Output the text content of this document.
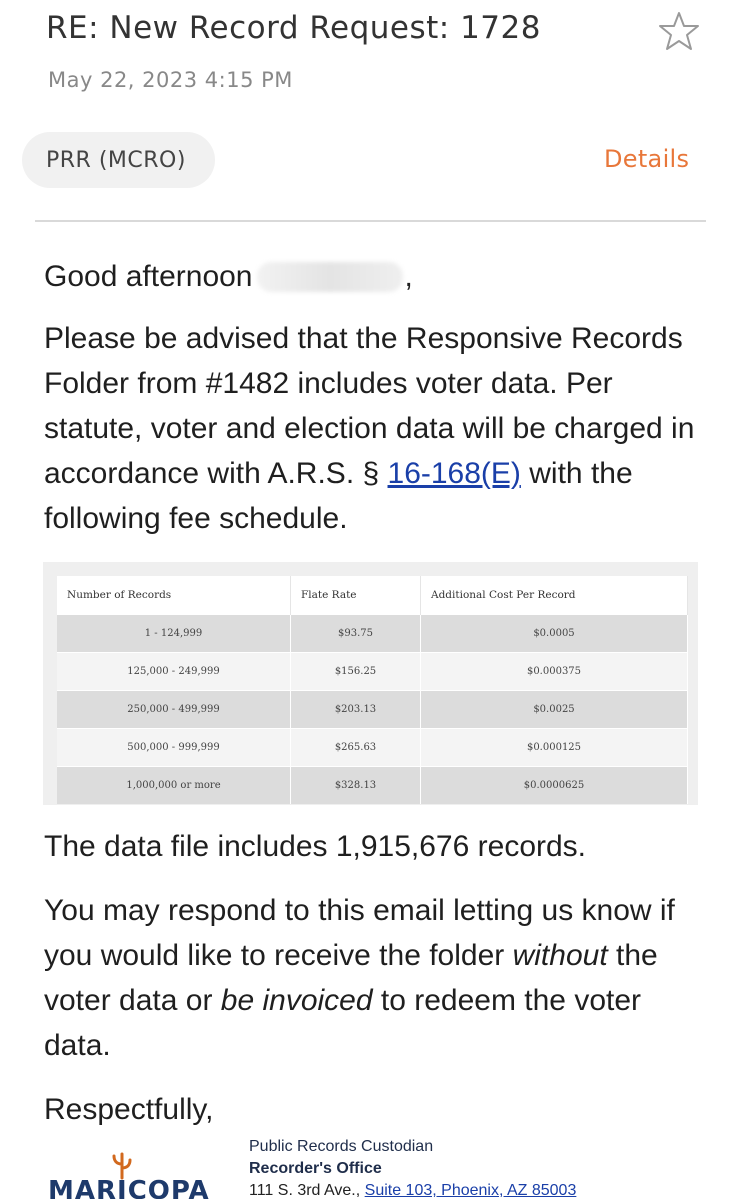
RE: New Record Request: 1728
May 22, 2023 4:15 PM
PRR (MCRO)	Details
Good afternoon	,
Please be advised that the Responsive Records Folder from #1482 includes voter data. Per statute, voter and election data will be charged in accordance with A.R.S. § 16-168(E) with the following fee schedule.
Number of Records	Flate Rate	Additional Cost Per Record
1 - 124,999	$93.75	$0.0005
125,000 - 249,999	$156.25	$0.000375
250,000 - 499,999	$203.13	$0.0025
500,000 - 999,999	$265.63	$0.000125
1,000,000 or more	$328.13	$0.0000625
The data file includes 1,915,676 records.
You may respond to this email letting us know if you would like to receive the folder without the voter data or be invoiced to redeem the voter data.
Respectfully,
MARICOPA
Public Records Custodian
Recorder's Office
111 S. 3rd Ave., Suite 103, Phoenix, AZ 85003
